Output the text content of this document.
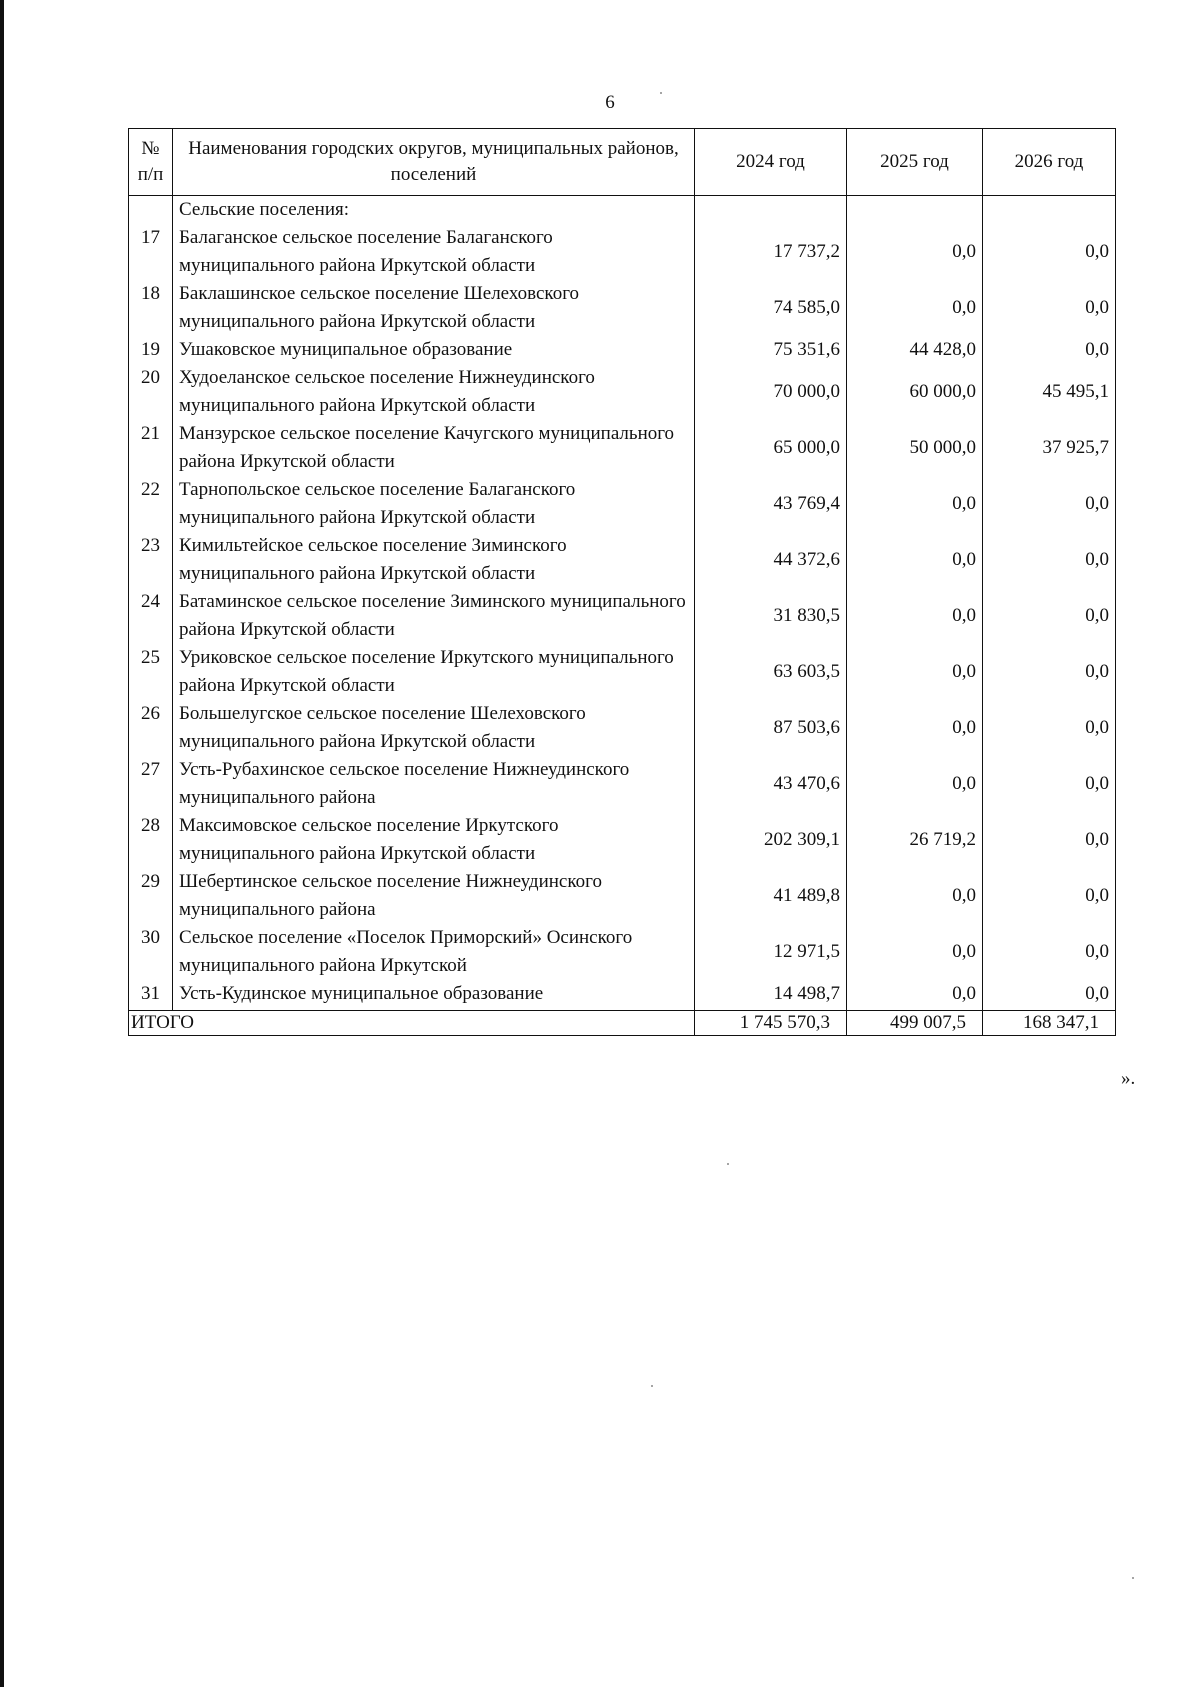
6
№ п/п	Наименования городских округов, муниципальных районов, поселений	2024 год	2025 год	2026 год
	Сельские поселения:			
17	Балаганское сельское поселение Балаганского муниципального района Иркутской области	17 737,2	0,0	0,0
18	Баклашинское сельское поселение Шелеховского муниципального района Иркутской области	74 585,0	0,0	0,0
19	Ушаковское муниципальное образование	75 351,6	44 428,0	0,0
20	Худоеланское сельское поселение Нижнеудинского муниципального района Иркутской области	70 000,0	60 000,0	45 495,1
21	Манзурское сельское поселение Качугского муниципального района Иркутской области	65 000,0	50 000,0	37 925,7
22	Тарнопольское сельское поселение Балаганского муниципального района Иркутской области	43 769,4	0,0	0,0
23	Кимильтейское сельское поселение Зиминского муниципального района Иркутской области	44 372,6	0,0	0,0
24	Батаминское сельское поселение Зиминского муниципального района Иркутской области	31 830,5	0,0	0,0
25	Уриковское сельское поселение Иркутского муниципального района Иркутской области	63 603,5	0,0	0,0
26	Большелугское сельское поселение Шелеховского муниципального района Иркутской области	87 503,6	0,0	0,0
27	Усть-Рубахинское сельское поселение Нижнеудинского муниципального района	43 470,6	0,0	0,0
28	Максимовское сельское поселение Иркутского муниципального района Иркутской области	202 309,1	26 719,2	0,0
29	Шебертинское сельское поселение Нижнеудинского муниципального района	41 489,8	0,0	0,0
30	Сельское поселение «Поселок Приморский» Осинского муниципального района Иркутской	12 971,5	0,0	0,0
31	Усть-Кудинское муниципальное образование	14 498,7	0,0	0,0
ИТОГО		1 745 570,3	499 007,5	168 347,1
».
